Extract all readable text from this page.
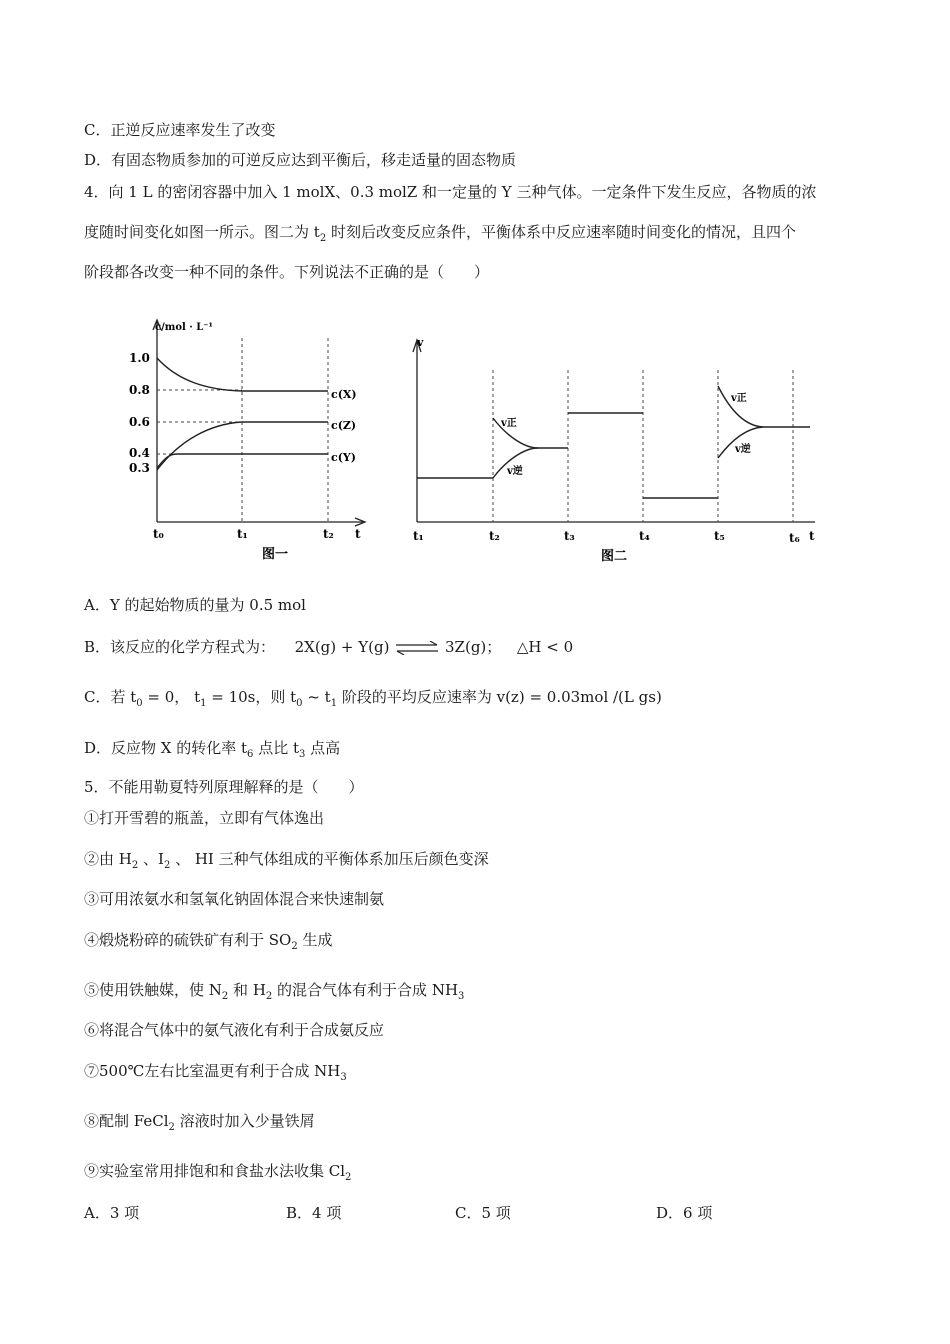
C．正逆反应速率发生了改变
D．有固态物质参加的可逆反应达到平衡后，移走适量的固态物质
4．向 1 L 的密闭容器中加入 1 molX、0.3 molZ 和一定量的 Y 三种气体。一定条件下发生反应，各物质的浓
度随时间变化如图一所示。图二为 $t_2$ 时刻后改变反应条件，平衡体系中反应速率随时间变化的情况，且四个
阶段都各改变一种不同的条件。下列说法不正确的是（　　）
c/mol · L⁻¹
1.0
0.8
0.6
0.4
0.3
t₀	t₁	t₂ t
c(X)
c(Z)
c(Y)
图一
v
v正
v逆
v正
v逆
t₁	t₂	t₃	t₄	t₅	t₆ t
图二
A．Y 的起始物质的量为 0.5 mol
B．该反应的化学方程式为： 2X(g) + Y(g) ⇌ 3Z(g)； △H < 0
C．若 $t_0 = 0$， $t_1 = 10s$，则 $t_0$ ~ $t_1$ 阶段的平均反应速率为 v(z) = 0.03mol /(L gs)
D．反应物 X 的转化率 $t_6$ 点比 $t_3$ 点高
5．不能用勒夏特列原理解释的是（　　）
①打开雪碧的瓶盖，立即有气体逸出
②由 $H_2$ 、$I_2$ 、 HI 三种气体组成的平衡体系加压后颜色变深
③可用浓氨水和氢氧化钠固体混合来快速制氨
④煅烧粉碎的硫铁矿有利于 $SO_2$ 生成
⑤使用铁触媒，使 $N_2$ 和 $H_2$ 的混合气体有利于合成 $NH_3$
⑥将混合气体中的氨气液化有利于合成氨反应
⑦500℃左右比室温更有利于合成 $NH_3$
⑧配制 FeCl$_2$ 溶液时加入少量铁屑
⑨实验室常用排饱和和食盐水法收集 $Cl_2$
A．3 项	B．4 项	C．5 项	D．6 项
